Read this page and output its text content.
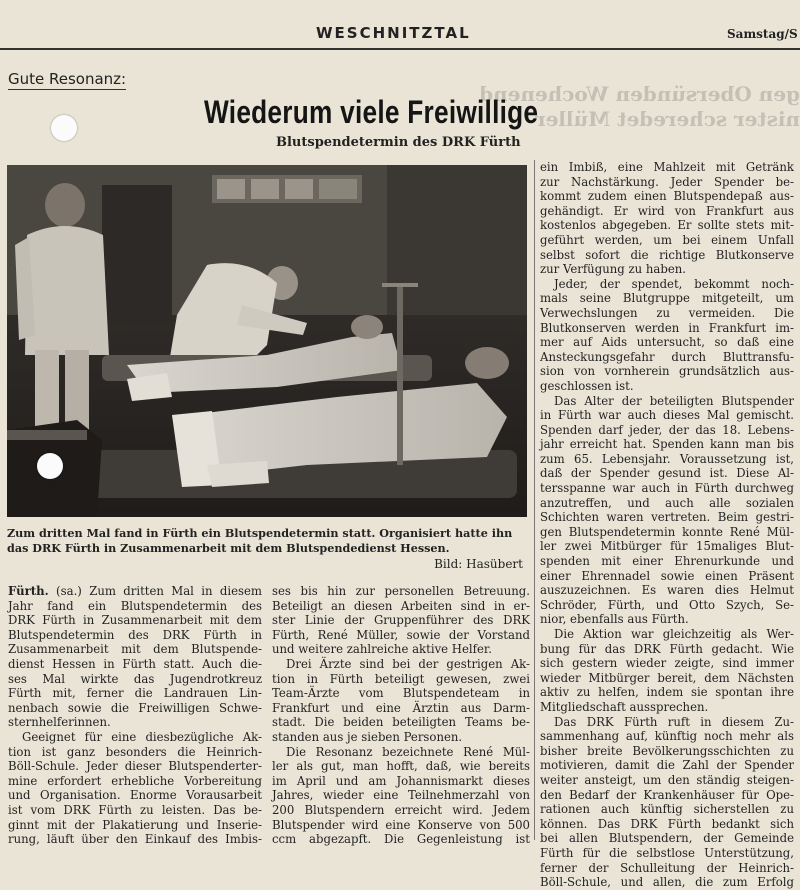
WESCHNITZTAL	Samstag/S
gen Obersünden Wochenend
nister scheredet Müller
Gute Resonanz:
Wiederum viele Freiwillige
Blutspendetermin des DRK Fürth
Zum dritten Mal fand in Fürth ein Blutspendetermin statt. Organisiert hatte ihn
das DRK Fürth in Zusammenarbeit mit dem Blutspendedienst Hessen.
Bild: Hasübert
Fürth. (sa.) Zum dritten Mal in diesem
Jahr fand ein Blutspendetermin des
DRK Fürth in Zusammenarbeit mit dem
Blutspendetermin des DRK Fürth in
Zusammenarbeit mit dem Blutspende-
dienst Hessen in Fürth statt. Auch die-
ses Mal wirkte das Jugendrotkreuz
Fürth mit, ferner die Landrauen Lin-
nenbach sowie die Freiwilligen Schwe-
sternhelferinnen.
Geeignet für eine diesbezügliche Ak-
tion ist ganz besonders die Heinrich-
Böll-Schule. Jeder dieser Blutspenderter-
mine erfordert erhebliche Vorbereitung
und Organisation. Enorme Vorausarbeit
ist vom DRK Fürth zu leisten. Das be-
ginnt mit der Plakatierung und Inserie-
rung, läuft über den Einkauf des Imbis-
ses bis hin zur personellen Betreuung.
Beteiligt an diesen Arbeiten sind in er-
ster Linie der Gruppenführer des DRK
Fürth, René Müller, sowie der Vorstand
und weitere zahlreiche aktive Helfer.
Drei Ärzte sind bei der gestrigen Ak-
tion in Fürth beteiligt gewesen, zwei
Team-Ärzte vom Blutspendeteam in
Frankfurt und eine Ärztin aus Darm-
stadt. Die beiden beteiligten Teams be-
standen aus je sieben Personen.
Die Resonanz bezeichnete René Mül-
ler als gut, man hofft, daß, wie bereits
im April und am Johannismarkt dieses
Jahres, wieder eine Teilnehmerzahl von
200 Blutspendern erreicht wird. Jedem
Blutspender wird eine Konserve von 500
ccm abgezapft. Die Gegenleistung ist
ein Imbiß, eine Mahlzeit mit Getränk
zur Nachstärkung. Jeder Spender be-
kommt zudem einen Blutspendepaß aus-
gehändigt. Er wird von Frankfurt aus
kostenlos abgegeben. Er sollte stets mit-
geführt werden, um bei einem Unfall
selbst sofort die richtige Blutkonserve
zur Verfügung zu haben.
Jeder, der spendet, bekommt noch-
mals seine Blutgruppe mitgeteilt, um
Verwechslungen zu vermeiden. Die
Blutkonserven werden in Frankfurt im-
mer auf Aids untersucht, so daß eine
Ansteckungsgefahr durch Bluttransfu-
sion von vornherein grundsätzlich aus-
geschlossen ist.
Das Alter der beteiligten Blutspender
in Fürth war auch dieses Mal gemischt.
Spenden darf jeder, der das 18. Lebens-
jahr erreicht hat. Spenden kann man bis
zum 65. Lebensjahr. Voraussetzung ist,
daß der Spender gesund ist. Diese Al-
tersspanne war auch in Fürth durchweg
anzutreffen, und auch alle sozialen
Schichten waren vertreten. Beim gestri-
gen Blutspendetermin konnte René Mül-
ler zwei Mitbürger für 15maliges Blut-
spenden mit einer Ehrenurkunde und
einer Ehrennadel sowie einen Präsent
auszuzeichnen. Es waren dies Helmut
Schröder, Fürth, und Otto Szych, Se-
nior, ebenfalls aus Fürth.
Die Aktion war gleichzeitig als Wer-
bung für das DRK Fürth gedacht. Wie
sich gestern wieder zeigte, sind immer
wieder Mitbürger bereit, dem Nächsten
aktiv zu helfen, indem sie spontan ihre
Mitgliedschaft aussprechen.
Das DRK Fürth ruft in diesem Zu-
sammenhang auf, künftig noch mehr als
bisher breite Bevölkerungsschichten zu
motivieren, damit die Zahl der Spender
weiter ansteigt, um den ständig steigen-
den Bedarf der Krankenhäuser für Ope-
rationen auch künftig sicherstellen zu
können. Das DRK Fürth bedankt sich
bei allen Blutspendern, der Gemeinde
Fürth für die selbstlose Unterstützung,
ferner der Schulleitung der Heinrich-
Böll-Schule, und allen, die zum Erfolg
